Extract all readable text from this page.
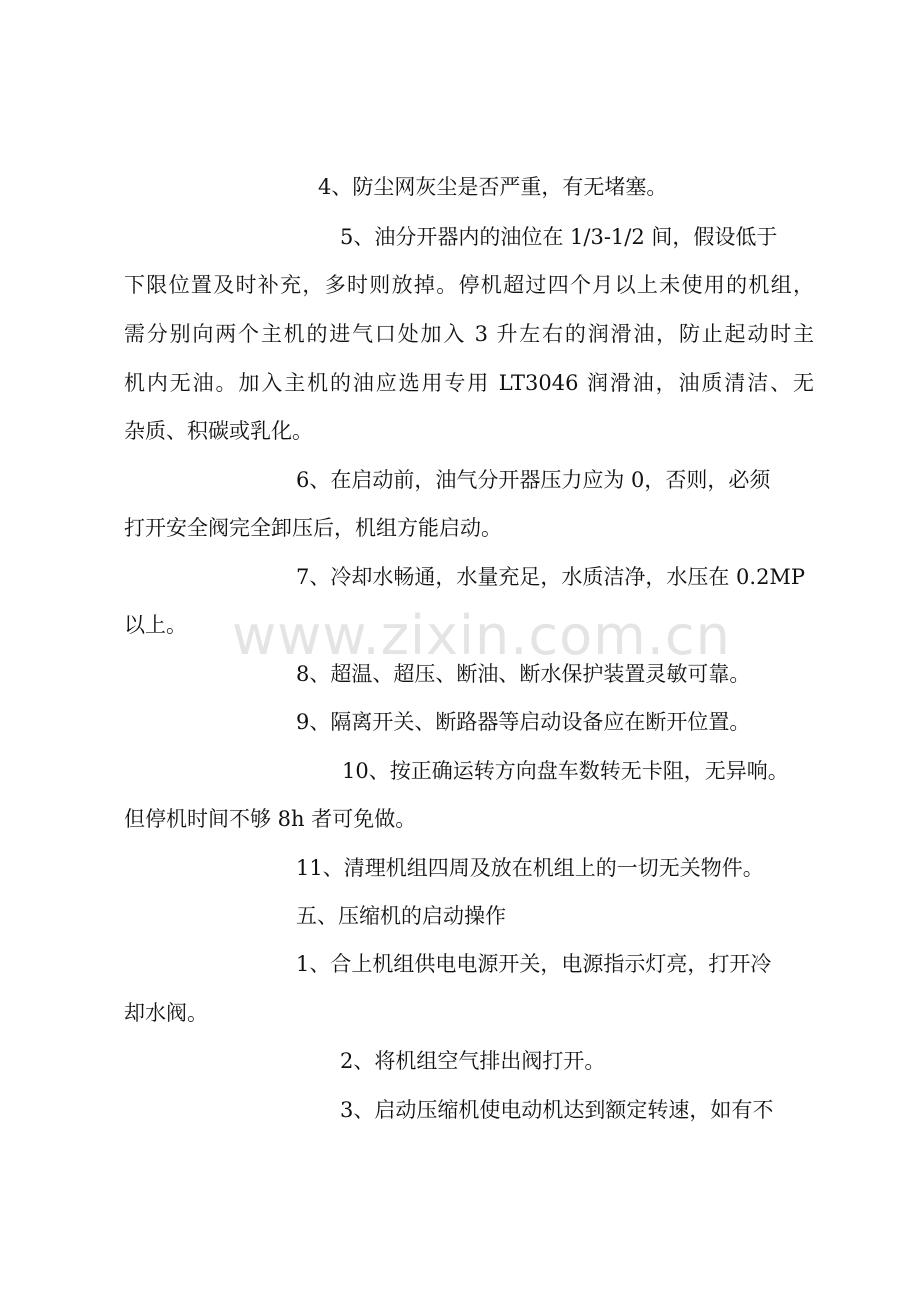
4、防尘网灰尘是否严重，有无堵塞。
5、油分开器内的油位在 1/3-1/2 间，假设低于
下限位置及时补充，多时则放掉。停机超过四个月以上未使用的机组，
需分别向两个主机的进气口处加入 3 升左右的润滑油，防止起动时主
机内无油。加入主机的油应选用专用 LT3046 润滑油，油质清洁、无
杂质、积碳或乳化。
6、在启动前，油气分开器压力应为 0，否则，必须
打开安全阀完全卸压后，机组方能启动。
7、冷却水畅通，水量充足，水质洁净，水压在 0.2MP
以上。
8、超温、超压、断油、断水保护装置灵敏可靠。
9、隔离开关、断路器等启动设备应在断开位置。
10、按正确运转方向盘车数转无卡阻，无异响。
但停机时间不够 8h 者可免做。
11、清理机组四周及放在机组上的一切无关物件。
五、压缩机的启动操作
1、合上机组供电电源开关，电源指示灯亮，打开冷
却水阀。
2、将机组空气排出阀打开。
3、启动压缩机使电动机达到额定转速，如有不
www.zixin.com.cn
